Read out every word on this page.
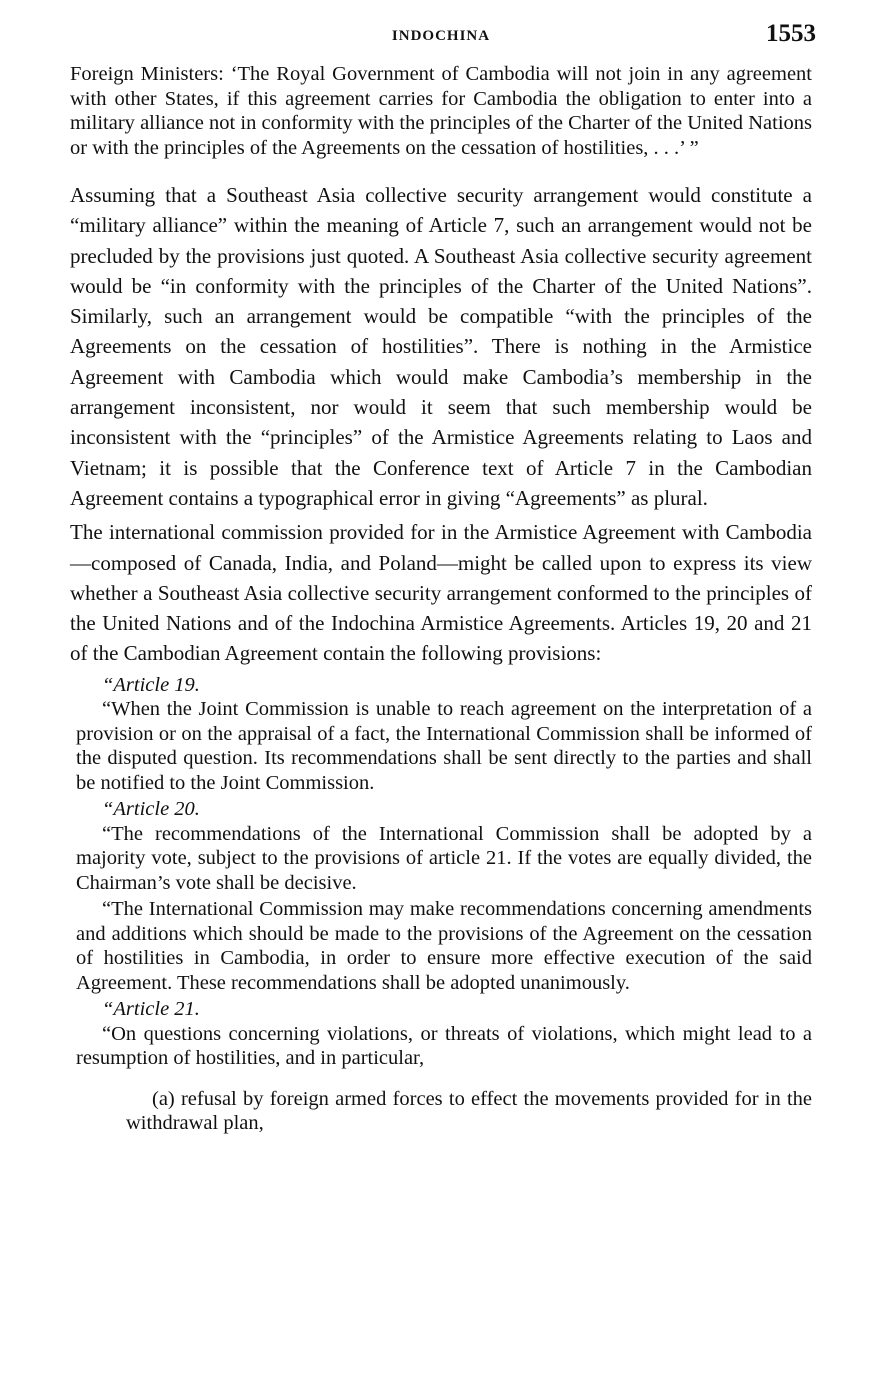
INDOCHINA	1553

Foreign Ministers: ‘The Royal Government of Cambodia will not join in any agreement with other States, if this agreement carries for Cambodia the obligation to enter into a military alliance not in conformity with the principles of the Charter of the United Nations or with the principles of the Agreements on the cessation of hostilities, . . .’ ”

Assuming that a Southeast Asia collective security arrangement would constitute a “military alliance” within the meaning of Article 7, such an arrangement would not be precluded by the provisions just quoted. A Southeast Asia collective security agreement would be “in conformity with the principles of the Charter of the United Nations”. Similarly, such an arrangement would be compatible “with the principles of the Agreements on the cessation of hostilities”. There is nothing in the Armistice Agreement with Cambodia which would make Cambodia’s membership in the arrangement inconsistent, nor would it seem that such membership would be inconsistent with the “principles” of the Armistice Agreements relating to Laos and Vietnam; it is possible that the Conference text of Article 7 in the Cambodian Agreement contains a typographical error in giving “Agreements” as plural.

The international commission provided for in the Armistice Agreement with Cambodia—composed of Canada, India, and Poland—might be called upon to express its view whether a Southeast Asia collective security arrangement conformed to the principles of the United Nations and of the Indochina Armistice Agreements. Articles 19, 20 and 21 of the Cambodian Agreement contain the following provisions:

“Article 19.

“When the Joint Commission is unable to reach agreement on the interpretation of a provision or on the appraisal of a fact, the International Commission shall be informed of the disputed question. Its recommendations shall be sent directly to the parties and shall be notified to the Joint Commission.

“Article 20.

“The recommendations of the International Commission shall be adopted by a majority vote, subject to the provisions of article 21. If the votes are equally divided, the Chairman’s vote shall be decisive.

“The International Commission may make recommendations concerning amendments and additions which should be made to the provisions of the Agreement on the cessation of hostilities in Cambodia, in order to ensure more effective execution of the said Agreement. These recommendations shall be adopted unanimously.

“Article 21.

“On questions concerning violations, or threats of violations, which might lead to a resumption of hostilities, and in particular,

(a) refusal by foreign armed forces to effect the movements provided for in the withdrawal plan,
